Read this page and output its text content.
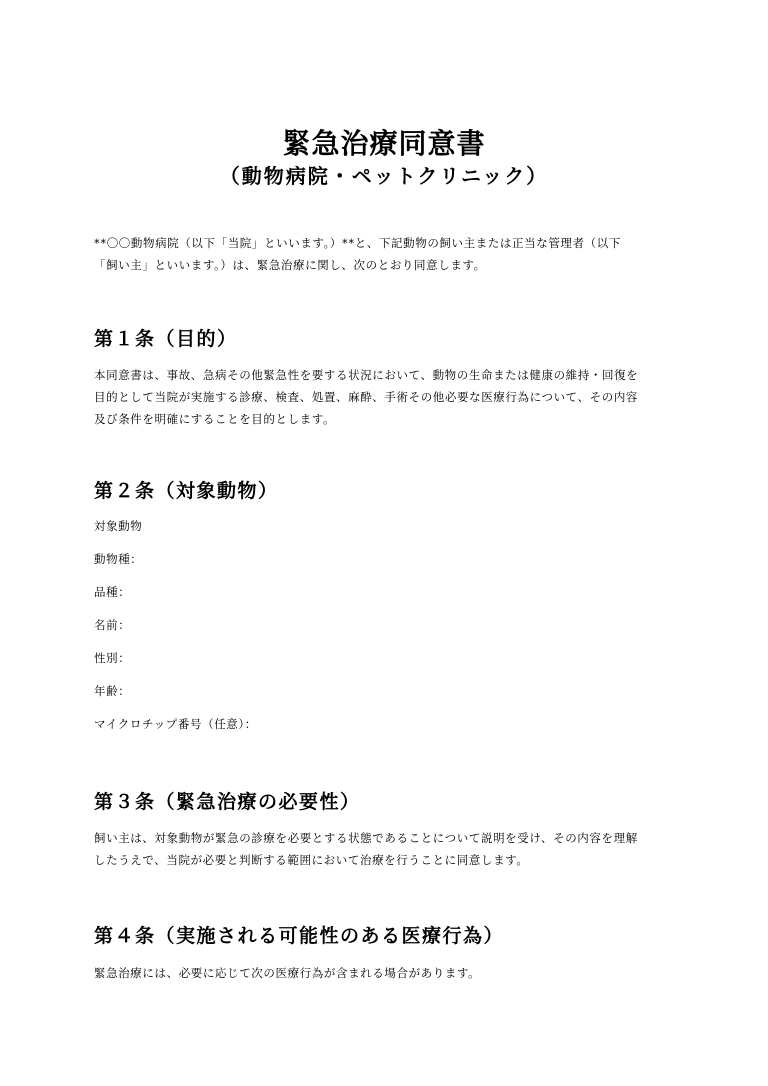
緊急治療同意書
（動物病院・ペットクリニック）

**〇〇動物病院（以下「当院」といいます。）**と、下記動物の飼い主または正当な管理者（以下
「飼い主」といいます。）は、緊急治療に関し、次のとおり同意します。

第１条（目的）

本同意書は、事故、急病その他緊急性を要する状況において、動物の生命または健康の維持・回復を
目的として当院が実施する診療、検査、処置、麻酔、手術その他必要な医療行為について、その内容
及び条件を明確にすることを目的とします。

第２条（対象動物）

対象動物

動物種：

品種：

名前：

性別：

年齢：

マイクロチップ番号（任意）：

第３条（緊急治療の必要性）

飼い主は、対象動物が緊急の診療を必要とする状態であることについて説明を受け、その内容を理解
したうえで、当院が必要と判断する範囲において治療を行うことに同意します。

第４条（実施される可能性のある医療行為）

緊急治療には、必要に応じて次の医療行為が含まれる場合があります。
